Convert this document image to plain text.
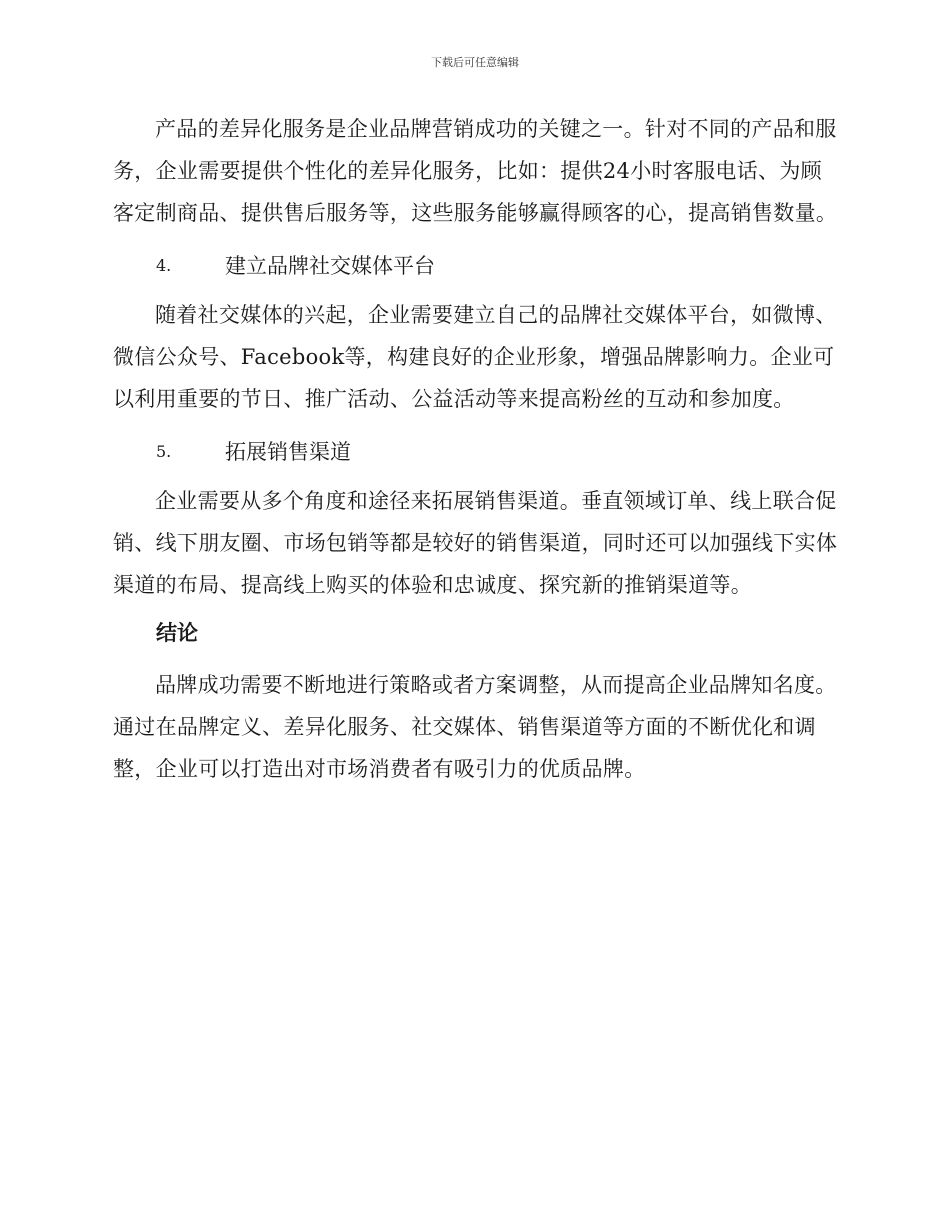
下载后可任意编辑

产品的差异化服务是企业品牌营销成功的关键之一。针对不同的产品和服务，企业需要提供个性化的差异化服务，比如：提供24小时客服电话、为顾客定制商品、提供售后服务等，这些服务能够赢得顾客的心，提高销售数量。

4.	建立品牌社交媒体平台

随着社交媒体的兴起，企业需要建立自己的品牌社交媒体平台，如微博、微信公众号、Facebook等，构建良好的企业形象，增强品牌影响力。企业可以利用重要的节日、推广活动、公益活动等来提高粉丝的互动和参加度。

5.	拓展销售渠道

企业需要从多个角度和途径来拓展销售渠道。垂直领域订单、线上联合促销、线下朋友圈、市场包销等都是较好的销售渠道，同时还可以加强线下实体渠道的布局、提高线上购买的体验和忠诚度、探究新的推销渠道等。

结论

品牌成功需要不断地进行策略或者方案调整，从而提高企业品牌知名度。通过在品牌定义、差异化服务、社交媒体、销售渠道等方面的不断优化和调整，企业可以打造出对市场消费者有吸引力的优质品牌。
